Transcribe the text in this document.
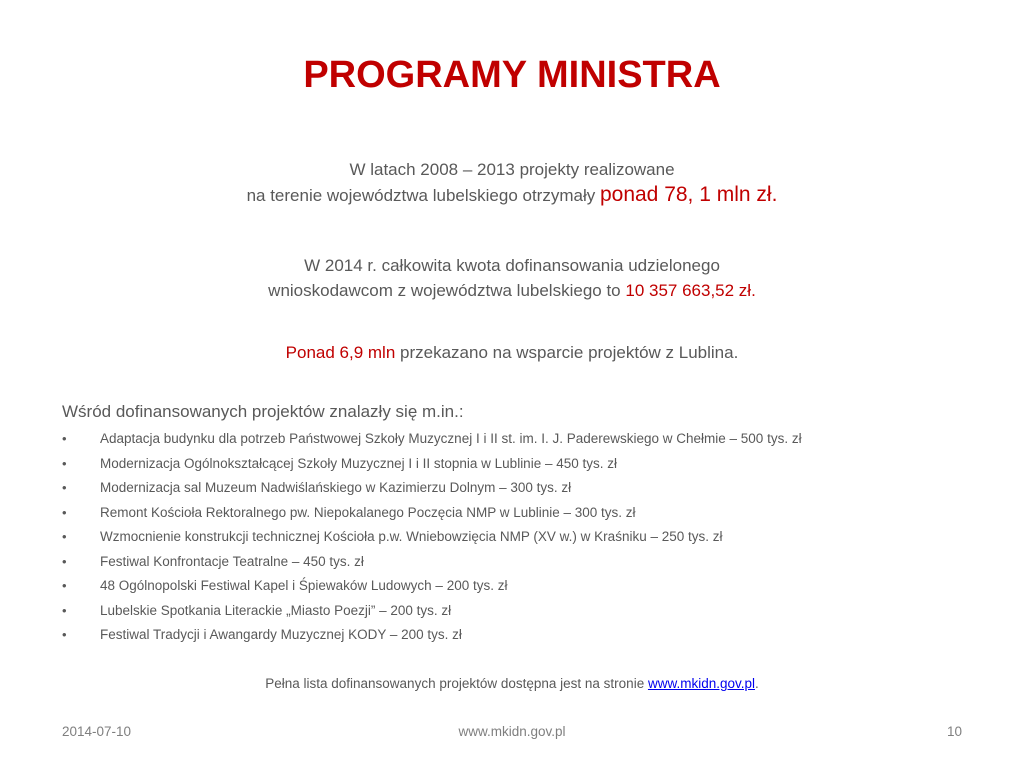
PROGRAMY MINISTRA
W latach 2008 – 2013 projekty realizowane
na terenie województwa lubelskiego otrzymały ponad 78, 1 mln zł.
W 2014 r. całkowita kwota dofinansowania udzielonego
wnioskodawcom z województwa lubelskiego to 10 357 663,52 zł.
Ponad 6,9 mln przekazano na wsparcie projektów z Lublina.
Wśród dofinansowanych projektów znalazły się m.in.:
• Adaptacja budynku dla potrzeb Państwowej Szkoły Muzycznej I i II st. im. I. J. Paderewskiego w Chełmie – 500 tys. zł
• Modernizacja Ogólnokształcącej Szkoły Muzycznej I i II stopnia w Lublinie – 450 tys. zł
• Modernizacja sal Muzeum Nadwiślańskiego w Kazimierzu Dolnym – 300 tys. zł
• Remont Kościoła Rektoralnego pw. Niepokalanego Poczęcia NMP w Lublinie – 300 tys. zł
• Wzmocnienie konstrukcji technicznej Kościoła p.w. Wniebowzięcia NMP (XV w.) w Kraśniku – 250 tys. zł
• Festiwal Konfrontacje Teatralne – 450 tys. zł
• 48 Ogólnopolski Festiwal Kapel i Śpiewaków Ludowych – 200 tys. zł
• Lubelskie Spotkania Literackie „Miasto Poezji” – 200 tys. zł
• Festiwal Tradycji i Awangardy Muzycznej KODY – 200 tys. zł
Pełna lista dofinansowanych projektów dostępna jest na stronie www.mkidn.gov.pl.
2014-07-10	www.mkidn.gov.pl	10
